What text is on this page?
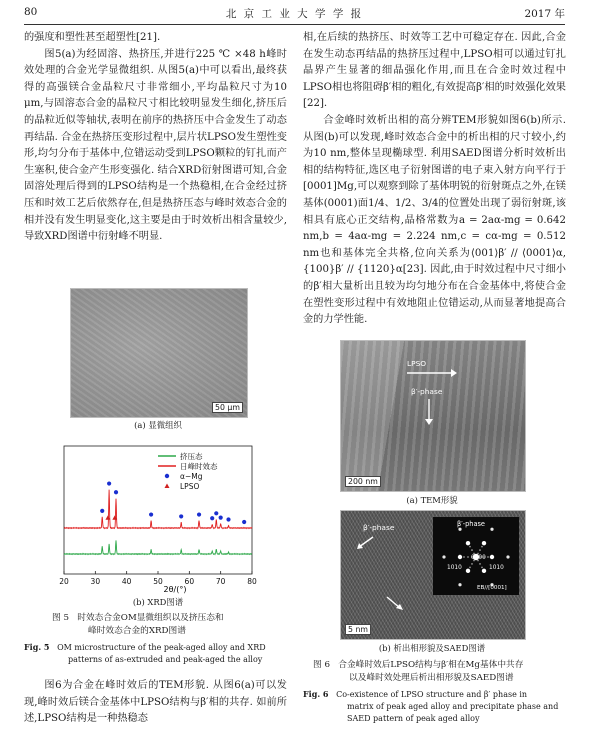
80	北 京 工 业 大 学 学 报	2017 年

的强度和塑性甚至超塑性[21].

图5(a)为经固溶、热挤压,并进行225 ℃ ×48 h峰时效处理的合金光学显微组织. 从图5(a)中可以看出,最终获得的高强镁合金晶粒尺寸非常细小,平均晶粒尺寸为10 μm,与固溶态合金的晶粒尺寸相比较明显发生细化,挤压后的晶粒近似等轴状,表明在前序的热挤压中合金发生了动态再结晶. 合金在热挤压变形过程中,层片状LPSO发生塑性变形,均匀分布于基体中,位错运动受到LPSO颗粒的钉扎而产生塞积,使合金产生形变强化. 结合XRD衍射图谱可知,合金固溶处理后得到的LPSO结构是一个热稳相,在合金经过挤压和时效工艺后依然存在,但是热挤压态与峰时效态合金的相并没有发生明显变化,这主要是由于时效析出相含量较少,导致XRD图谱中衍射峰不明显.

50 μm
(a) 显微组织
20	30	40	50	60	70	80
挤压态
日峰时效态
α−Mg
LPSO
2θ/(°)
(b) XRD图谱
图 5 时效态合金OM显微组织以及挤压态和
峰时效态合金的XRD图谱
Fig. 5 OM microstructure of the peak-aged alloy and XRD
patterns of as-extruded and peak-aged the alloy

图6为合金在峰时效后的TEM形貌. 从图6(a)可以发现,峰时效后镁合金基体中LPSO结构与β′相的共存. 如前所述,LPSO结构是一种热稳态

相,在后续的热挤压、时效等工艺中可稳定存在. 因此,合金在发生动态再结晶的热挤压过程中,LPSO相可以通过钉扎晶界产生显著的细晶强化作用,而且在合金时效过程中LPSO相也将阻碍β′相的粗化,有效提高β′相的时效强化效果[22].

合金峰时效析出相的高分辨TEM形貌如图6(b)所示. 从图(b)可以发现,峰时效态合金中的析出相的尺寸较小,约为10 nm,整体呈现椭球型. 利用SAED图谱分析时效析出相的结构特征,选区电子衍射图谱的电子束入射方向平行于[0001]Mg,可以观察到除了基体明锐的衍射斑点之外,在镁基体(0001)面1/4、1/2、3/4的位置处出现了弱衍射斑,该相具有底心正交结构,晶格常数为a = 2aα-mg = 0.642 nm,b = 4aα-mg = 2.224 nm,c = cα-mg = 0.512 nm也和基体完全共格,位向关系为⟨001⟩β′ // ⟨0001⟩α,{100}β′ // {1120}α[23]. 因此,由于时效过程中尺寸细小的β′相大量析出且较为均匀地分布在合金基体中,将使合金在塑性变形过程中有效地阻止位错运动,从而显著地提高合金的力学性能.

LPSO
β′-phase
200 nm
(a) TEM形貌
β′-phase	β′-phase
0000
1010	1010
EB//[0001]
5 nm
(b) 析出相形貌及SAED图谱
图 6 合金峰时效后LPSO结构与β′相在Mg基体中共存
以及峰时效处理后析出相形貌及SAED图谱
Fig. 6 Co-existence of LPSO structure and β′ phase in
matrix of peak aged alloy and precipitate phase and
SAED pattern of peak aged alloy
